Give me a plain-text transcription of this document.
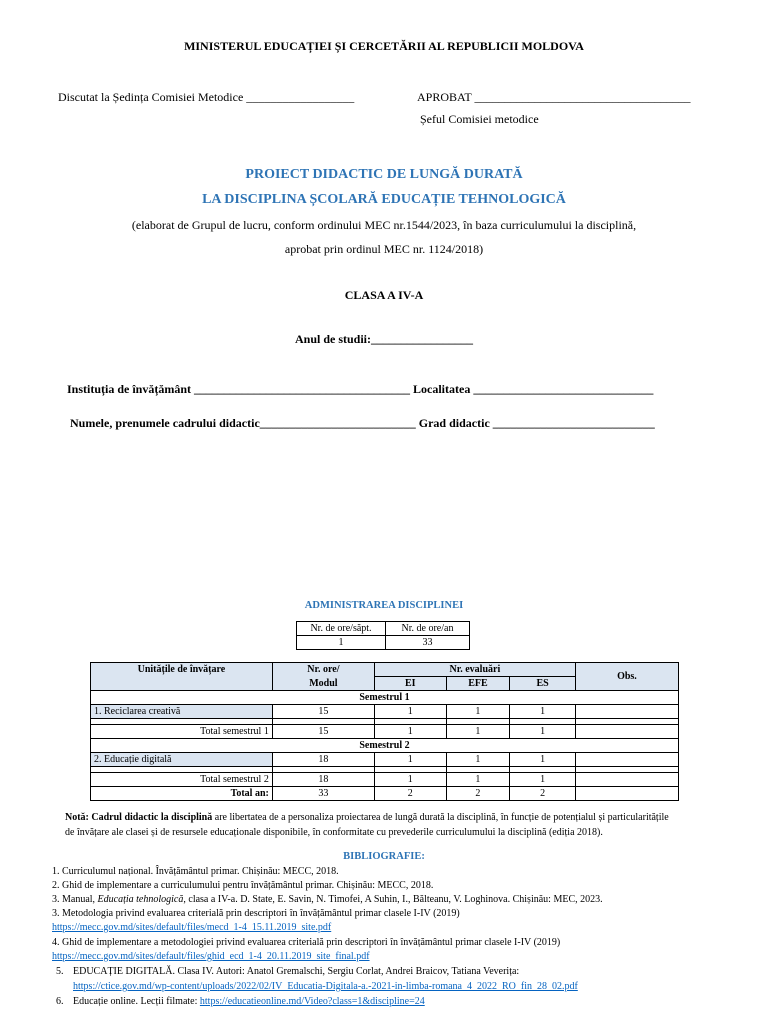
MINISTERUL EDUCAȚIEI ȘI CERCETĂRII AL REPUBLICII MOLDOVA
Discutat la Ședința Comisiei Metodice __________________	APROBAT ____________________________________
Șeful Comisiei metodice
PROIECT DIDACTIC DE LUNGĂ DURATĂ
LA DISCIPLINA ȘCOLARĂ EDUCAȚIE TEHNOLOGICĂ
(elaborat de Grupul de lucru, conform ordinului MEC nr.1544/2023, în baza curriculumului la disciplină,
aprobat prin ordinul MEC nr. 1124/2018)
CLASA A IV-A
Anul de studii:_________________
Instituția de învățământ ____________________________________ Localitatea ______________________________
Numele, prenumele cadrului didactic__________________________ Grad didactic ___________________________
ADMINISTRAREA DISCIPLINEI
Nr. de ore/săpt.	Nr. de ore/an
1	33
Unitățile de învățare	Nr. ore/	Nr. evaluări			Obs.
	Modul	EI	EFE	ES	
Semestrul 1					
1. Reciclarea creativă	15	1	1	1	

Total semestrul 1	15	1	1	1	
Semestrul 2					
2. Educație digitală	18	1	1	1	

Total semestrul 2	18	1	1	1	
Total an:	33	2	2	2	
Notă: Cadrul didactic la disciplină are libertatea de a personaliza proiectarea de lungă durată la disciplină, în funcție de potențialul și particularitățile
de învățare ale clasei și de resursele educaționale disponibile, în conformitate cu prevederile curriculumului la disciplină (ediția 2018).
BIBLIOGRAFIE:
1. Curriculumul național. Învățământul primar. Chișinău: MECC, 2018.
2. Ghid de implementare a curriculumului pentru învățământul primar. Chișinău: MECC, 2018.
3. Manual, Educația tehnologică, clasa a IV-a. D. State, E. Savin, N. Timofei, A Suhin, I., Bălteanu, V. Loghinova. Chișinău: MEC, 2023.
3. Metodologia privind evaluarea criterială prin descriptori în învățământul primar clasele I-IV (2019)
https://mecc.gov.md/sites/default/files/mecd_1-4_15.11.2019_site.pdf
4. Ghid de implementare a metodologiei privind evaluarea criterială prin descriptori în învățământul primar clasele I-IV (2019)
https://mecc.gov.md/sites/default/files/ghid_ecd_1-4_20.11.2019_site_final.pdf
5. EDUCAȚIE DIGITALĂ. Clasa IV. Autori: Anatol Gremalschi, Sergiu Corlat, Andrei Braicov, Tatiana Veverița:
https://ctice.gov.md/wp-content/uploads/2022/02/IV_Educatia-Digitala-a.-2021-in-limba-romana_4_2022_RO_fin_28_02.pdf
6. Educație online. Lecții filmate: https://educatieonline.md/Video?class=1&discipline=24
